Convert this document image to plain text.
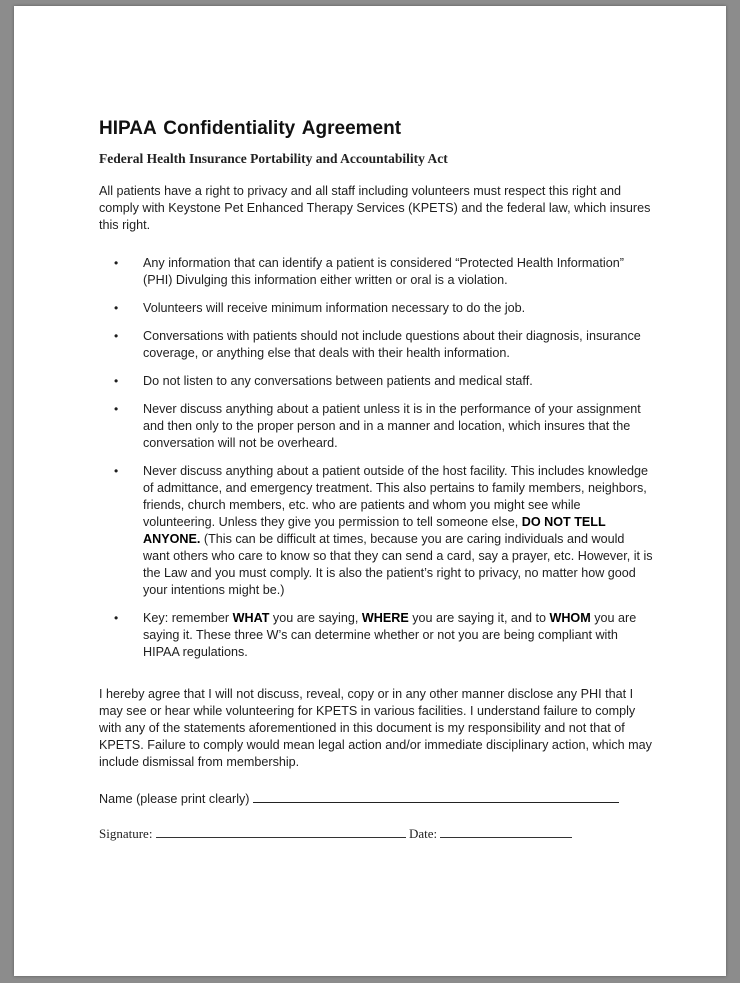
HIPAA Confidentiality Agreement
Federal Health Insurance Portability and Accountability Act
All patients have a right to privacy and all staff including volunteers must respect this right and comply with Keystone Pet Enhanced Therapy Services (KPETS) and the federal law, which insures this right.
• Any information that can identify a patient is considered “Protected Health Information” (PHI) Divulging this information either written or oral is a violation.
• Volunteers will receive minimum information necessary to do the job.
• Conversations with patients should not include questions about their diagnosis, insurance coverage, or anything else that deals with their health information.
• Do not listen to any conversations between patients and medical staff.
• Never discuss anything about a patient unless it is in the performance of your assignment and then only to the proper person and in a manner and location, which insures that the conversation will not be overheard.
• Never discuss anything about a patient outside of the host facility. This includes knowledge of admittance, and emergency treatment. This also pertains to family members, neighbors, friends, church members, etc. who are patients and whom you might see while volunteering. Unless they give you permission to tell someone else, DO NOT TELL ANYONE. (This can be difficult at times, because you are caring individuals and would want others who care to know so that they can send a card, say a prayer, etc. However, it is the Law and you must comply. It is also the patient’s right to privacy, no matter how good your intentions might be.)
• Key: remember WHAT you are saying, WHERE you are saying it, and to WHOM you are saying it. These three W’s can determine whether or not you are being compliant with HIPAA regulations.
I hereby agree that I will not discuss, reveal, copy or in any other manner disclose any PHI that I may see or hear while volunteering for KPETS in various facilities. I understand failure to comply with any of the statements aforementioned in this document is my responsibility and not that of KPETS. Failure to comply would mean legal action and/or immediate disciplinary action, which may include dismissal from membership.
Name (please print clearly)
Signature:	Date:
